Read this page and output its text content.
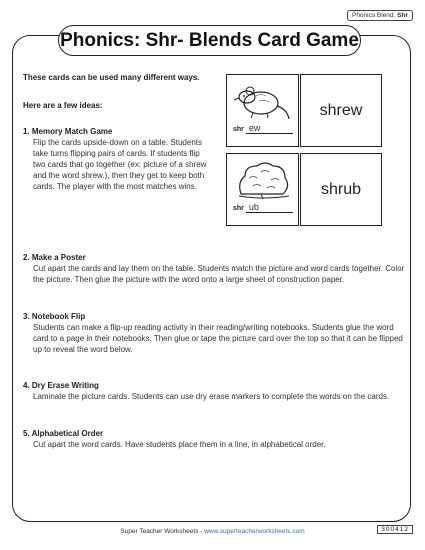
Phonics Blend: Shr
Phonics: Shr- Blends Card Game
These cards can be used many different ways.
Here are a few ideas:
1. Memory Match Game
Flip the cards upside-down on a table. Students take turns flipping pairs of cards. If students flip two cards that go together (ex: picture of a shrew and the word shrew.), then they get to keep both cards. The player with the most matches wins.
2. Make a Poster
Cut apart the cards and lay them on the table. Students match the picture and word cards together. Color the picture. Then glue the picture with the word onto a large sheet of construction paper.
3. Notebook Flip
Students can make a flip-up reading activity in their reading/writing notebooks. Students glue the word card to a page in their notebooks. Then glue or tape the picture card over the top so that it can be flipped up to reveal the word below.
4. Dry Erase Writing
Laminate the picture cards. Students can use dry erase markers to complete the words on the cards.
5. Alphabetical Order
Cut apart the word cards. Have students place them in a line, in alphabetical order.
shr ew
shrew
shr ub
shrub
Super Teacher Worksheets - www.superteacherworksheets.com	300412
